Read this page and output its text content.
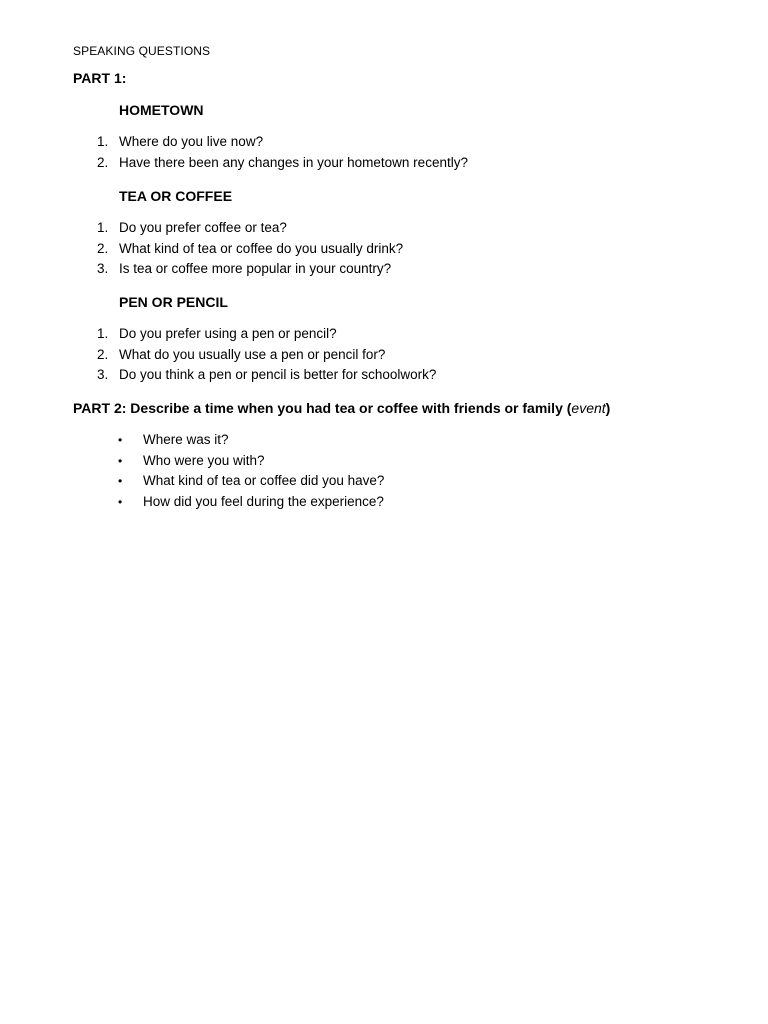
SPEAKING QUESTIONS
PART 1:
HOMETOWN
1. Where do you live now?
2. Have there been any changes in your hometown recently?
TEA OR COFFEE
1. Do you prefer coffee or tea?
2. What kind of tea or coffee do you usually drink?
3. Is tea or coffee more popular in your country?
PEN OR PENCIL
1. Do you prefer using a pen or pencil?
2. What do you usually use a pen or pencil for?
3. Do you think a pen or pencil is better for schoolwork?
PART 2: Describe a time when you had tea or coffee with friends or family (event)
• Where was it?
• Who were you with?
• What kind of tea or coffee did you have?
• How did you feel during the experience?
